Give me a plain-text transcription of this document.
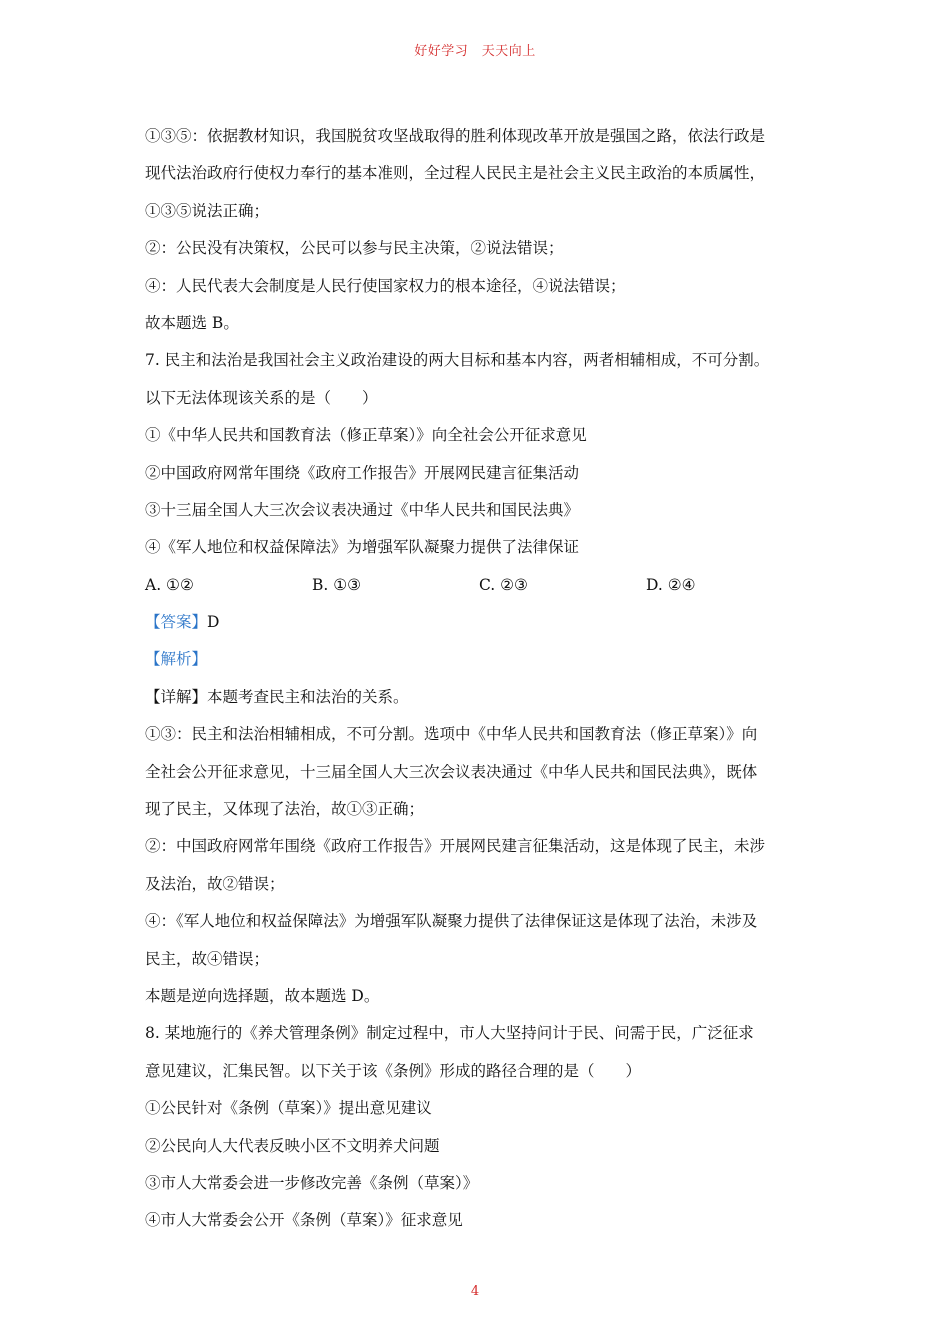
好好学习　天天向上
①③⑤：依据教材知识，我国脱贫攻坚战取得的胜利体现改革开放是强国之路，依法行政是
现代法治政府行使权力奉行的基本准则，全过程人民民主是社会主义民主政治的本质属性，
①③⑤说法正确；
②：公民没有决策权，公民可以参与民主决策，②说法错误；
④：人民代表大会制度是人民行使国家权力的根本途径，④说法错误；
故本题选 B。
7. 民主和法治是我国社会主义政治建设的两大目标和基本内容，两者相辅相成，不可分割。
以下无法体现该关系的是（　　）
①《中华人民共和国教育法（修正草案）》向全社会公开征求意见
②中国政府网常年围绕《政府工作报告》开展网民建言征集活动
③十三届全国人大三次会议表决通过《中华人民共和国民法典》
④《军人地位和权益保障法》为增强军队凝聚力提供了法律保证
A. ①②	B. ①③	C. ②③	D. ②④
【答案】D
【解析】
【详解】本题考查民主和法治的关系。
①③：民主和法治相辅相成，不可分割。选项中《中华人民共和国教育法（修正草案）》向
全社会公开征求意见，十三届全国人大三次会议表决通过《中华人民共和国民法典》，既体
现了民主，又体现了法治，故①③正确；
②：中国政府网常年围绕《政府工作报告》开展网民建言征集活动，这是体现了民主，未涉
及法治，故②错误；
④：《军人地位和权益保障法》为增强军队凝聚力提供了法律保证这是体现了法治，未涉及
民主，故④错误；
本题是逆向选择题，故本题选 D。
8. 某地施行的《养犬管理条例》制定过程中，市人大坚持问计于民、问需于民，广泛征求
意见建议，汇集民智。以下关于该《条例》形成的路径合理的是（　　）
①公民针对《条例（草案）》提出意见建议
②公民向人大代表反映小区不文明养犬问题
③市人大常委会进一步修改完善《条例（草案）》
④市人大常委会公开《条例（草案）》征求意见
4
